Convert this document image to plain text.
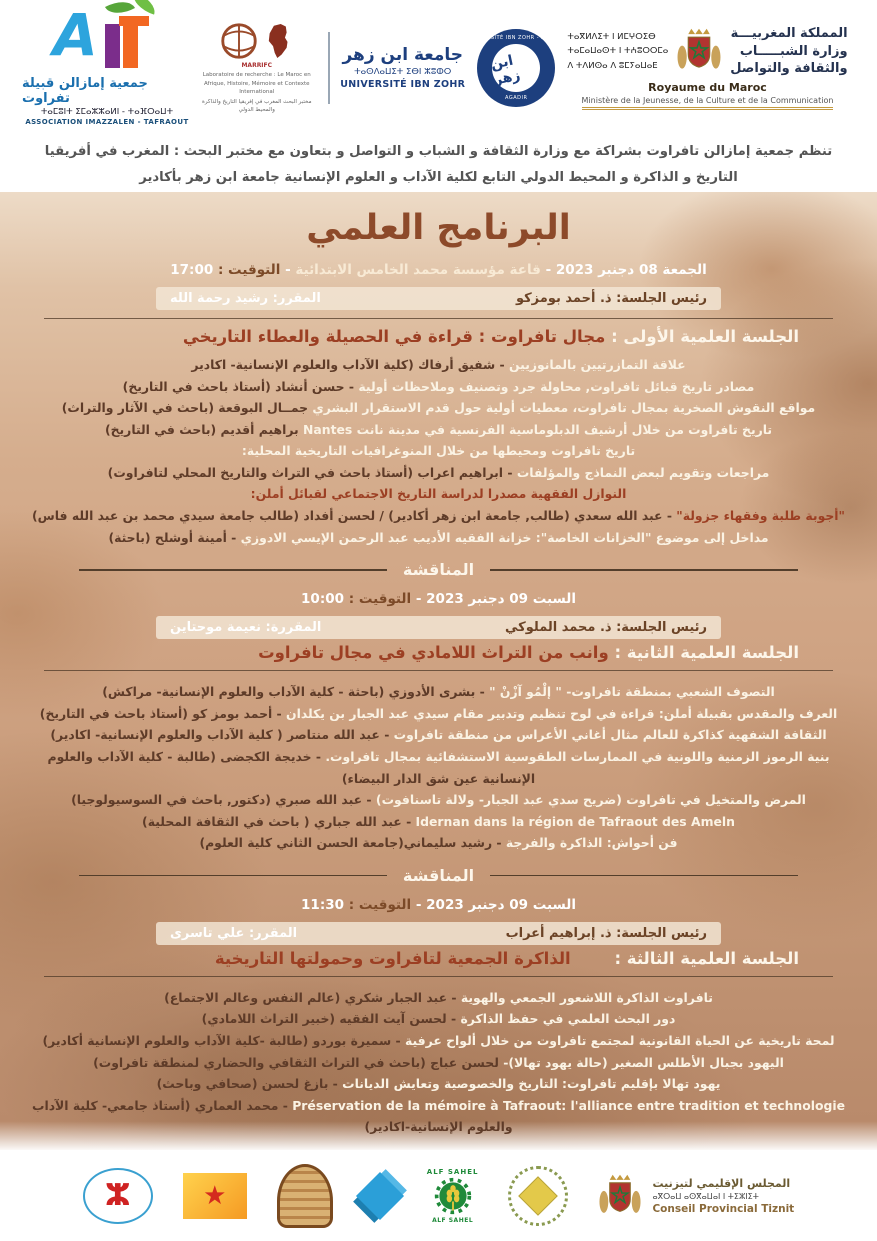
A
جمعية إمازالن قبيلة تفراوت
ⵜⴰⵎⵓⵏⵜ ⵉⵎⴰⵣⵣⴰⵍⵏ - ⵜⴰⴼⵔⴰⵡⵜ
ASSOCIATION IMAZZALEN - TAFRAOUT
MARRIFC
Laboratoire de recherche : Le Maroc en Afrique, Histoire, Mémoire et Contexte International
مختبر البحث المغرب في إفريقيا التاريخ والذاكرة والمحيط الدولي
جامعة ابن زهر
ⵜⴰⵙⴷⴰⵡⵉⵜ ⵉⴱⵏ ⵣⵓⵀⵔ
UNIVERSITÉ IBN ZOHR
UNIVERSITÉ IBN ZOHR - AGADIR
ابن زهر
AGADIR
ⵜⴰⴳⵍⴷⵉⵜ ⵏ ⵍⵎⵖⵔⵉⴱ
ⵜⴰⵎⴰⵡⴰⵙⵜ ⵏ ⵜⵄⵓⵔⵔⵎⴰ
ⴷ ⵜⴷⵍⵙⴰ ⴷ ⵓⵎⵢⴰⵡⴰⴹ
المملكة المغربيـــة
وزارة الشبـــــاب
والثقافة والتواصل
Royaume du Maroc
Ministère de la Jeunesse, de la Culture et de la Communication
تنظم جمعية إمازالن تافراوت بشراكة مع وزارة الثقافة و الشباب و التواصل و بتعاون مع مختبر البحث : المغرب في أفريقيا
التاريخ و الذاكرة و المحيط الدولي التابع لكلية الآداب و العلوم الإنسانية جامعة ابن زهر بأكادير
البرنامج العلمي
الجمعة 08 دجنبر 2023 - قاعة مؤسسة محمد الخامس الابتدائية - التوقيت : 17:00
رئيس الجلسة: ذ. أحمد بومزكو
المقرر: رشيد رحمة الله
الجلسة العلمية الأولى : مجال تافراوت : قراءة في الحصيلة والعطاء التاريخي
علاقة التمازرتيين بالمانوزيين - شفيق أرفاك (كلية الآداب والعلوم الإنسانية- اكادير
مصادر تاريخ قبائل تافراوت, محاولة جرد وتصنيف وملاحظات أولية - حسن أنشاد (أستاذ باحث في التاريخ)
مواقع النقوش الصخرية بمجال تافراوت، معطيات أولية حول قدم الاستقرار البشري جمــال البوقعة (باحث في الآثار والتراث)
تاريخ تافراوت من خلال أرشيف الدبلوماسية الفرنسية في مدينة نانت Nantes براهيم أقديم (باحث في التاريخ)
تاريخ تافراوت ومحيطها من خلال المنوغرافيات التاريخية المحلية:
مراجعات وتقويم لبعض النماذج والمؤلفات - ابراهيم اعراب (أستاذ باحث في التراث والتاريخ المحلي لتافراوت)
النوازل الفقهية مصدرا لدراسة التاريخ الاجتماعي لقبائل أملن:
"أجوبة طلبة وفقهاء جزولة" - عبد الله سعدي (طالب, جامعة ابن زهر أكادير) / لحسن أفداد (طالب جامعة سيدي محمد بن عبد الله فاس)
مداخل إلى موضوع "الخزانات الخاصة": خزانة الفقيه الأديب عبد الرحمن الإيسي الادوزي - أمينة أوشلح (باحثة)
المناقشة
السبت 09 دجنبر 2023 - التوقيت : 10:00
رئيس الجلسة: ذ. محمد الملوكي
المقررة: نعيمة موحتاين
الجلسة العلمية الثانية : وانب من التراث اللامادي في مجال تافراوت
التصوف الشعبي بمنطقة تافراوت- " إلْمُو آزْنْ " - بشرى الأدوزي (باحثة - كلية الآداب والعلوم الإنسانية- مراكش)
العرف والمقدس بقبيلة أملن: قراءة في لوح تنظيم وتدبير مقام سيدي عبد الجبار بن يكلدان - أحمد بومز كو (أستاذ باحث في التاريخ)
الثقافة الشفهية كذاكرة للعالم مثال أغاني الأعراس من منطقة تافراوت - عبد الله منتاصر ( كلية الآداب والعلوم الإنسانية- اكادير)
بنية الرموز الزمنية واللونية في الممارسات الطقوسية الاستشفائية بمجال تافراوت. - خديجة الكجضى (طالبة - كلية الآداب والعلوم الإنسانية عين شق الدار البيضاء)
المرض والمتخيل في تافراوت (ضريح سدي عبد الجبار- ولالة تاسنافوت) - عبد الله صبري (دكتور, باحث في السوسيولوجيا)
Idernan dans la région de Tafraout des Ameln - عبد الله جباري ( باحث في الثقافة المحلية)
فن أحواش: الذاكرة والفرجة - رشيد سليماني(جامعة الحسن الثاني كلية العلوم)
المناقشة
السبت 09 دجنبر 2023 - التوقيت : 11:30
رئيس الجلسة: ذ. إبراهيم أعراب
المقرر: علي تاسرى
الجلسة العلمية الثالثة : الذاكرة الجمعية لتافراوت وحمولتها التاريخية
تافراوت الذاكرة اللاشعور الجمعي والهوية - عبد الجبار شكري (عالم النفس وعالم الاجتماع)
دور البحث العلمي في حفظ الذاكرة - لحسن آيت الفقيه (خبير التراث اللامادي)
لمحة تاريخية عن الحياة القانونية لمجتمع تافراوت من خلال ألواح عرفية - سميرة بوردو (طالبة -كلية الآداب والعلوم الإنسانية أكادير)
اليهود بجبال الأطلس الصغير (حالة يهود تهالا)- لحسن عباج (باحث في التراث الثقافي والحضاري لمنطقة تافراوت)
يهود تهالا بإقليم تافراوت: التاريخ والخصوصية وتعايش الديانات - بازغ لحسن (صحافي وباحث)
Préservation de la mémoire à Tafraout: l'alliance entre tradition et technologie - محمد العماري (أستاذ جامعي- كلية الآداب والعلوم الإنسانية-اكادير)
ⵣ	★
ALF SAHEL
ALF SAHEL
المجلس الإقليمي لتيزنيت
ⴰⴳⵔⴰⵡ ⴰⵙⴳⴰⵡⴰⵏ ⵏ ⵜⵉⵣⵏⵉⵜ
Conseil Provincial Tiznit
